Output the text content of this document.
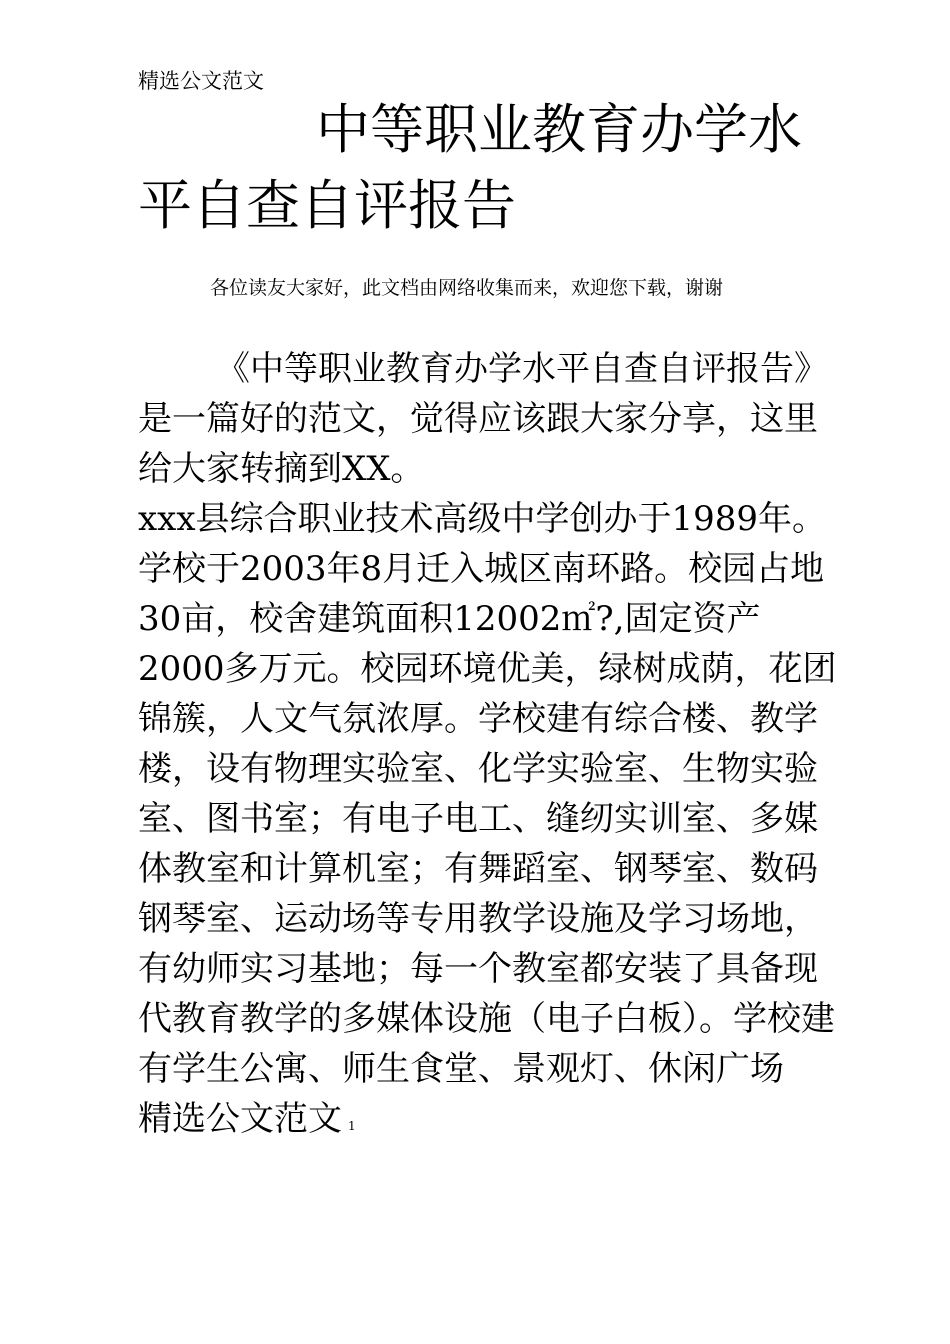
精选公文范文
中等职业教育办学水平自查自评报告
各位读友大家好，此文档由网络收集而来，欢迎您下载，谢谢

《中等职业教育办学水平自查自评报告》是一篇好的范文，觉得应该跟大家分享，这里给大家转摘到XX。

xxx县综合职业技术高级中学创办于1989年。学校于2003年8月迁入城区南环路。校园占地30亩，校舍建筑面积12002㎡?,固定资产2000多万元。校园环境优美，绿树成荫，花团锦簇，人文气氛浓厚。学校建有综合楼、教学楼，设有物理实验室、化学实验室、生物实验室、图书室；有电子电工、缝纫实训室、多媒体教室和计算机室；有舞蹈室、钢琴室、数码钢琴室、运动场等专用教学设施及学习场地，有幼师实习基地；每一个教室都安装了具备现代教育教学的多媒体设施（电子白板）。学校建有学生公寓、师生食堂、景观灯、休闲广场精选公文范文 1
